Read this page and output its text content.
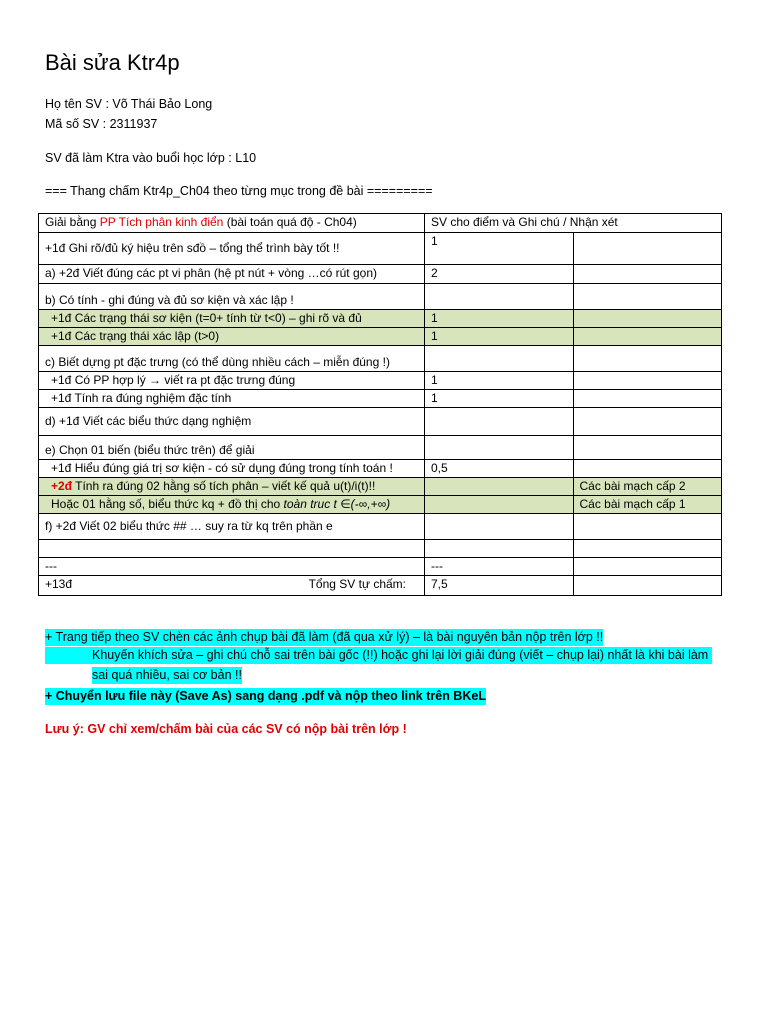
Bài sửa Ktr4p
Họ tên SV : Võ Thái Bảo Long
Mã số SV : 2311937
SV đã làm Ktra vào buổi học lớp : L10
=== Thang chấm Ktr4p_Ch04 theo từng mục trong đề bài =========
Giải bằng PP Tích phân kinh điển (bài toán quá độ - Ch04)	SV cho điểm và Ghi chú / Nhận xét	
+1đ Ghi rõ/đủ ký hiệu trên sđồ – tổng thể trình bày tốt !!	1	
a) +2đ Viết đúng các pt vi phân (hệ pt nút + vòng …có rút gọn)	2	
b) Có tính - ghi đúng và đủ sơ kiện và xác lập !		
+1đ Các trạng thái sơ kiện (t=0+ tính từ t<0) – ghi rõ và đủ	1	
+1đ Các trạng thái xác lập (t>0)	1	
c) Biết dựng pt đặc trưng (có thể dùng nhiều cách – miễn đúng !)		
+1đ Có PP hợp lý → viết ra pt đặc trưng đúng	1	
+1đ Tính ra đúng nghiệm đặc tính	1	
d) +1đ Viết các biểu thức dạng nghiệm		
e) Chọn 01 biến (biểu thức trên) để giải		
+1đ Hiểu đúng giá trị sơ kiện - có sử dụng đúng trong tính toán !	0,5	
+2đ Tính ra đúng 02 hằng số tích phân – viết kế quả u(t)/i(t)!!		Các bài mạch cấp 2
Hoặc 01 hằng số, biểu thức kq + đồ thị cho toàn truc t ∈(-∞,+∞)		Các bài mạch cấp 1
f) +2đ Viết 02 biểu thức ## … suy ra từ kq trên phần e		

---	---	
+13đ Tổng SV tự chấm:	7,5	
+ Trang tiếp theo SV chèn các ảnh chụp bài đã làm (đã qua xử lý) – là bài nguyên bản nộp trên lớp !!
Khuyến khích sửa – ghi chú chỗ sai trên bài gốc (!!) hoặc ghi lại lời giải đúng (viết – chụp lại) nhất là khi bài làm
sai quá nhiều, sai cơ bản !!
+ Chuyển lưu file này (Save As) sang dạng .pdf và nộp theo link trên BKeL
Lưu ý: GV chỉ xem/chấm bài của các SV có nộp bài trên lớp !
